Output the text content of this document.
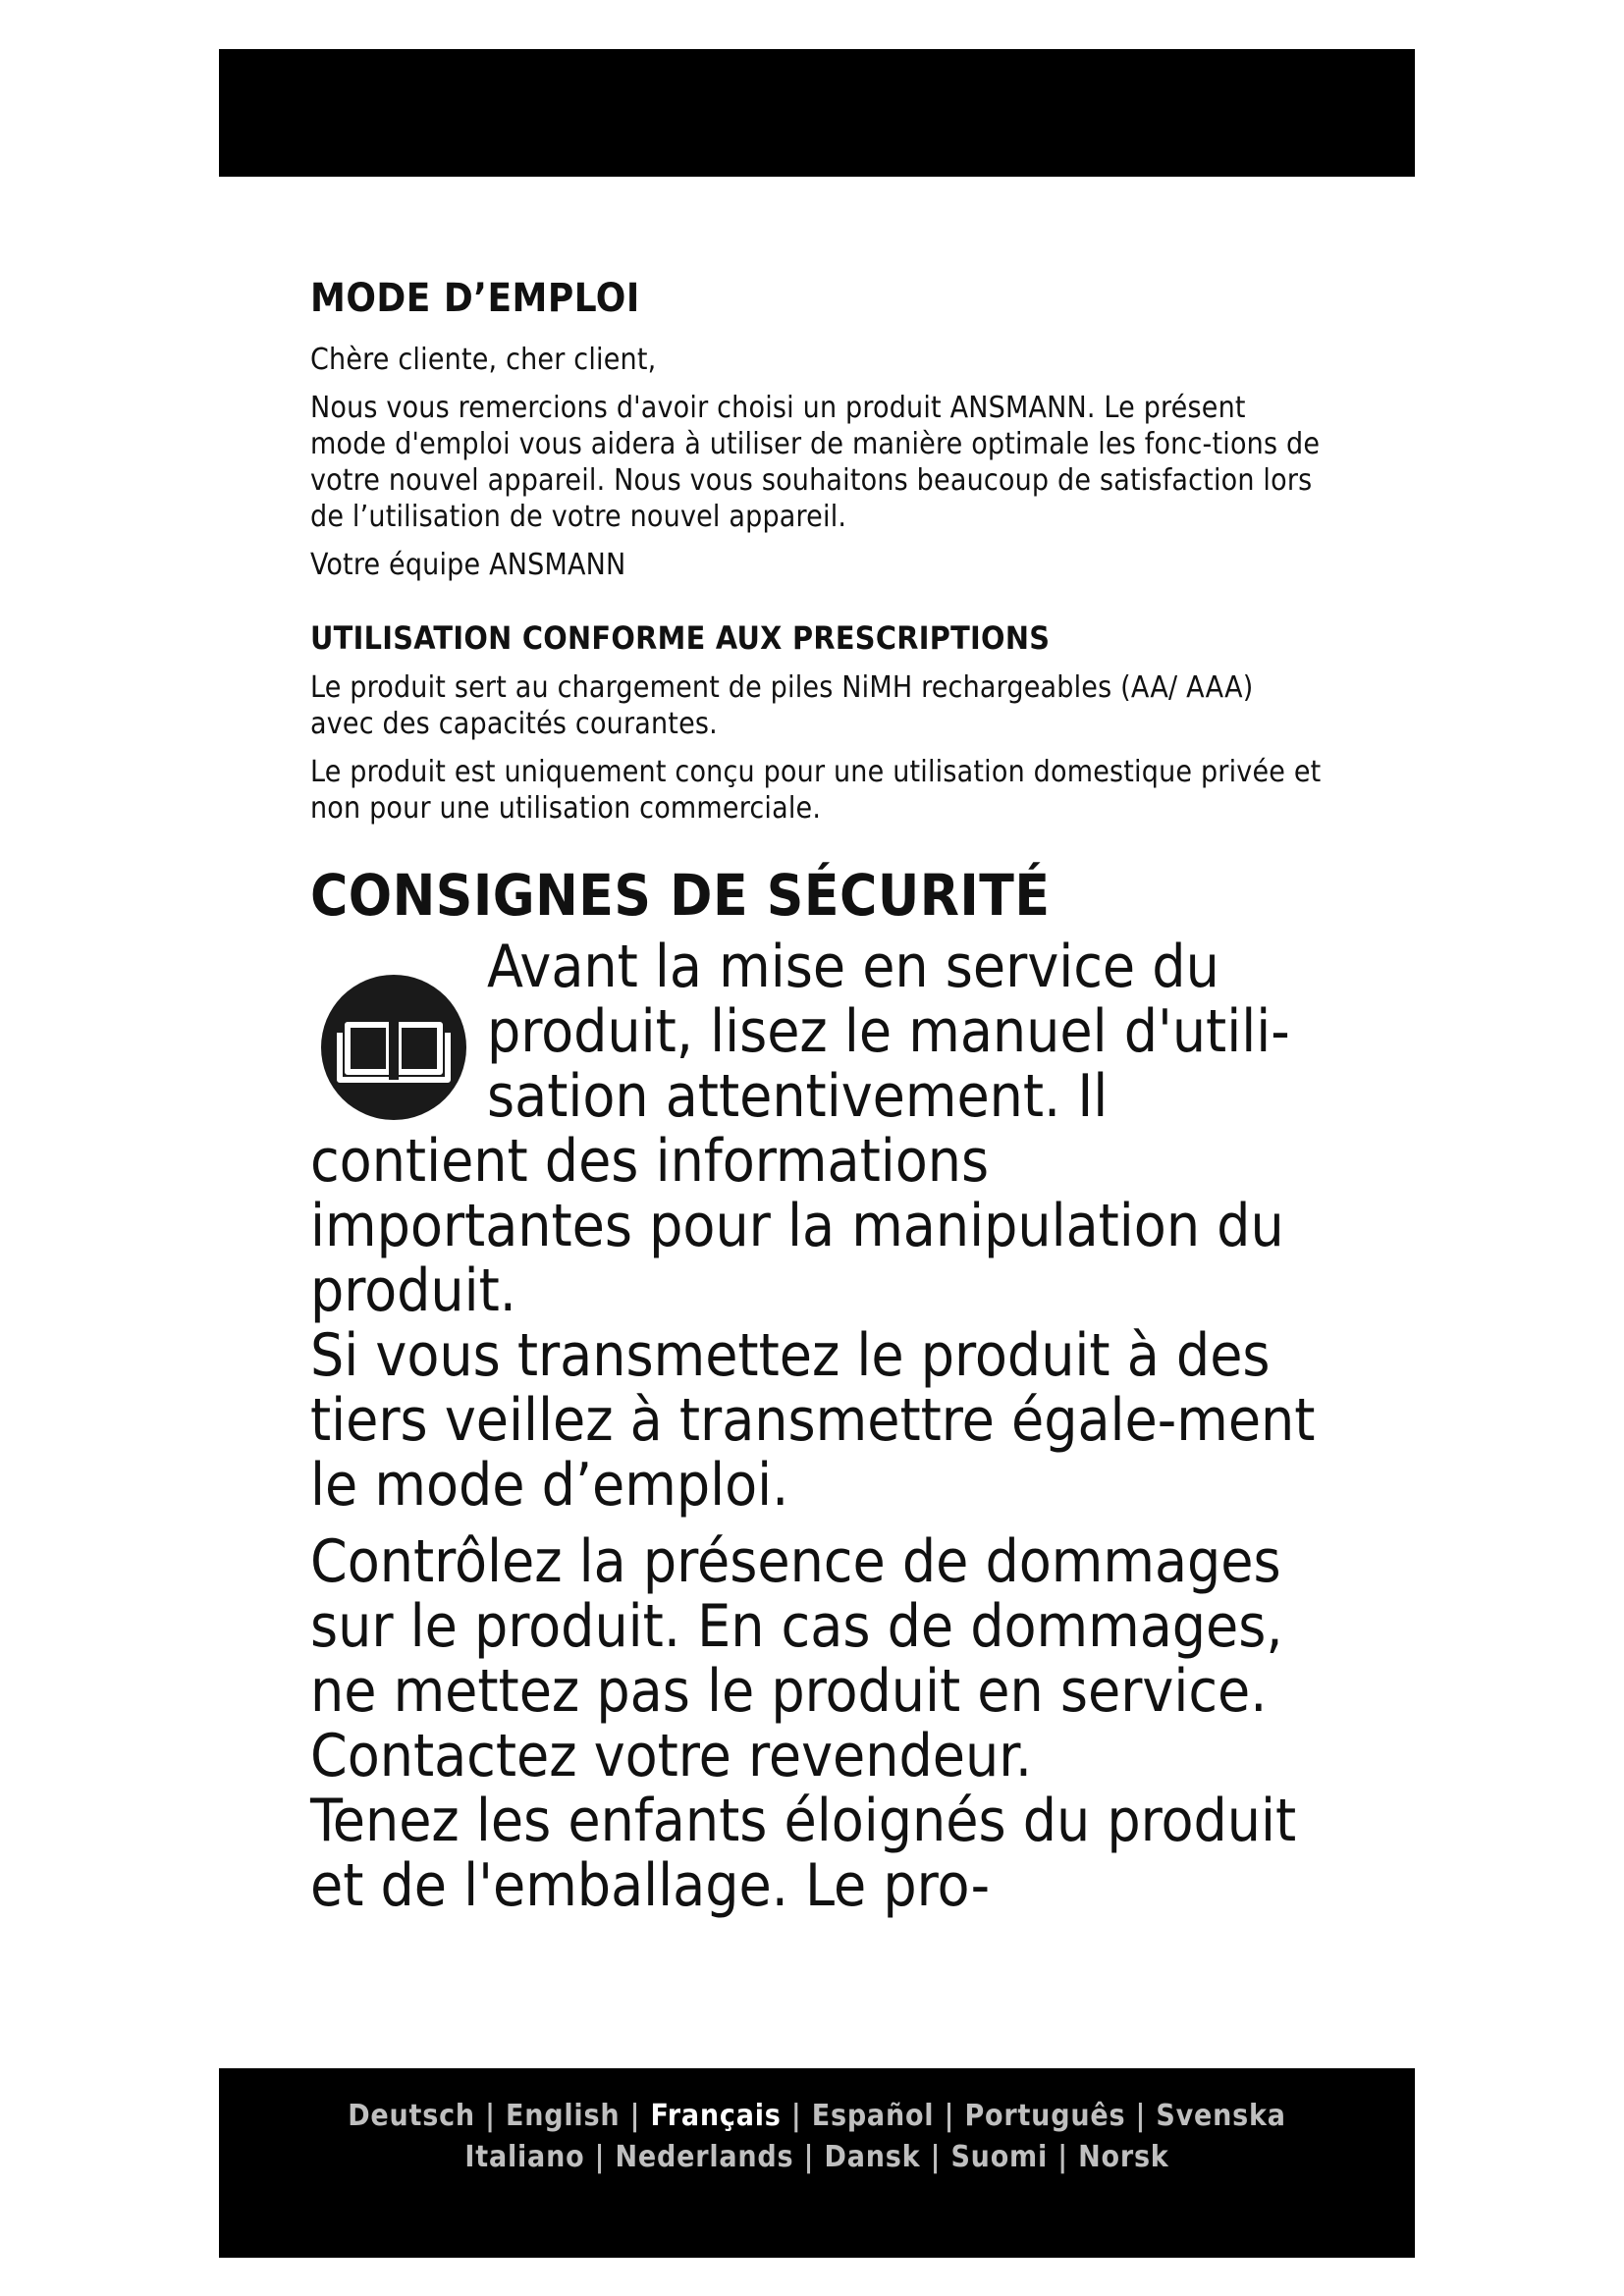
MODE D’EMPLOI

Chère cliente, cher client,

Nous vous remercions d'avoir choisi un produit ANSMANN. Le présent mode d'emploi vous aidera à utiliser de manière optimale les fonc-tions de votre nouvel appareil. Nous vous souhaitons beaucoup de satisfaction lors de l’utilisation de votre nouvel appareil.

Votre équipe ANSMANN

UTILISATION CONFORME AUX PRESCRIPTIONS

Le produit sert au chargement de piles NiMH rechargeables (AA/ AAA) avec des capacités courantes.

Le produit est uniquement conçu pour une utilisation domestique privée et non pour une utilisation commerciale.

CONSIGNES DE SÉCURITÉ

Avant la mise en service du produit, lisez le manuel d'utili-sation attentivement. Il contient des informations importantes pour la manipulation du produit.

Si vous transmettez le produit à des tiers veillez à transmettre égale-ment le mode d’emploi.

Contrôlez la présence de dommages sur le produit. En cas de dommages, ne mettez pas le produit en service. Contactez votre revendeur.

Tenez les enfants éloignés du produit et de l'emballage. Le pro-

Deutsch | English | Français | Español | Português | Svenska
Italiano | Nederlands | Dansk | Suomi | Norsk
